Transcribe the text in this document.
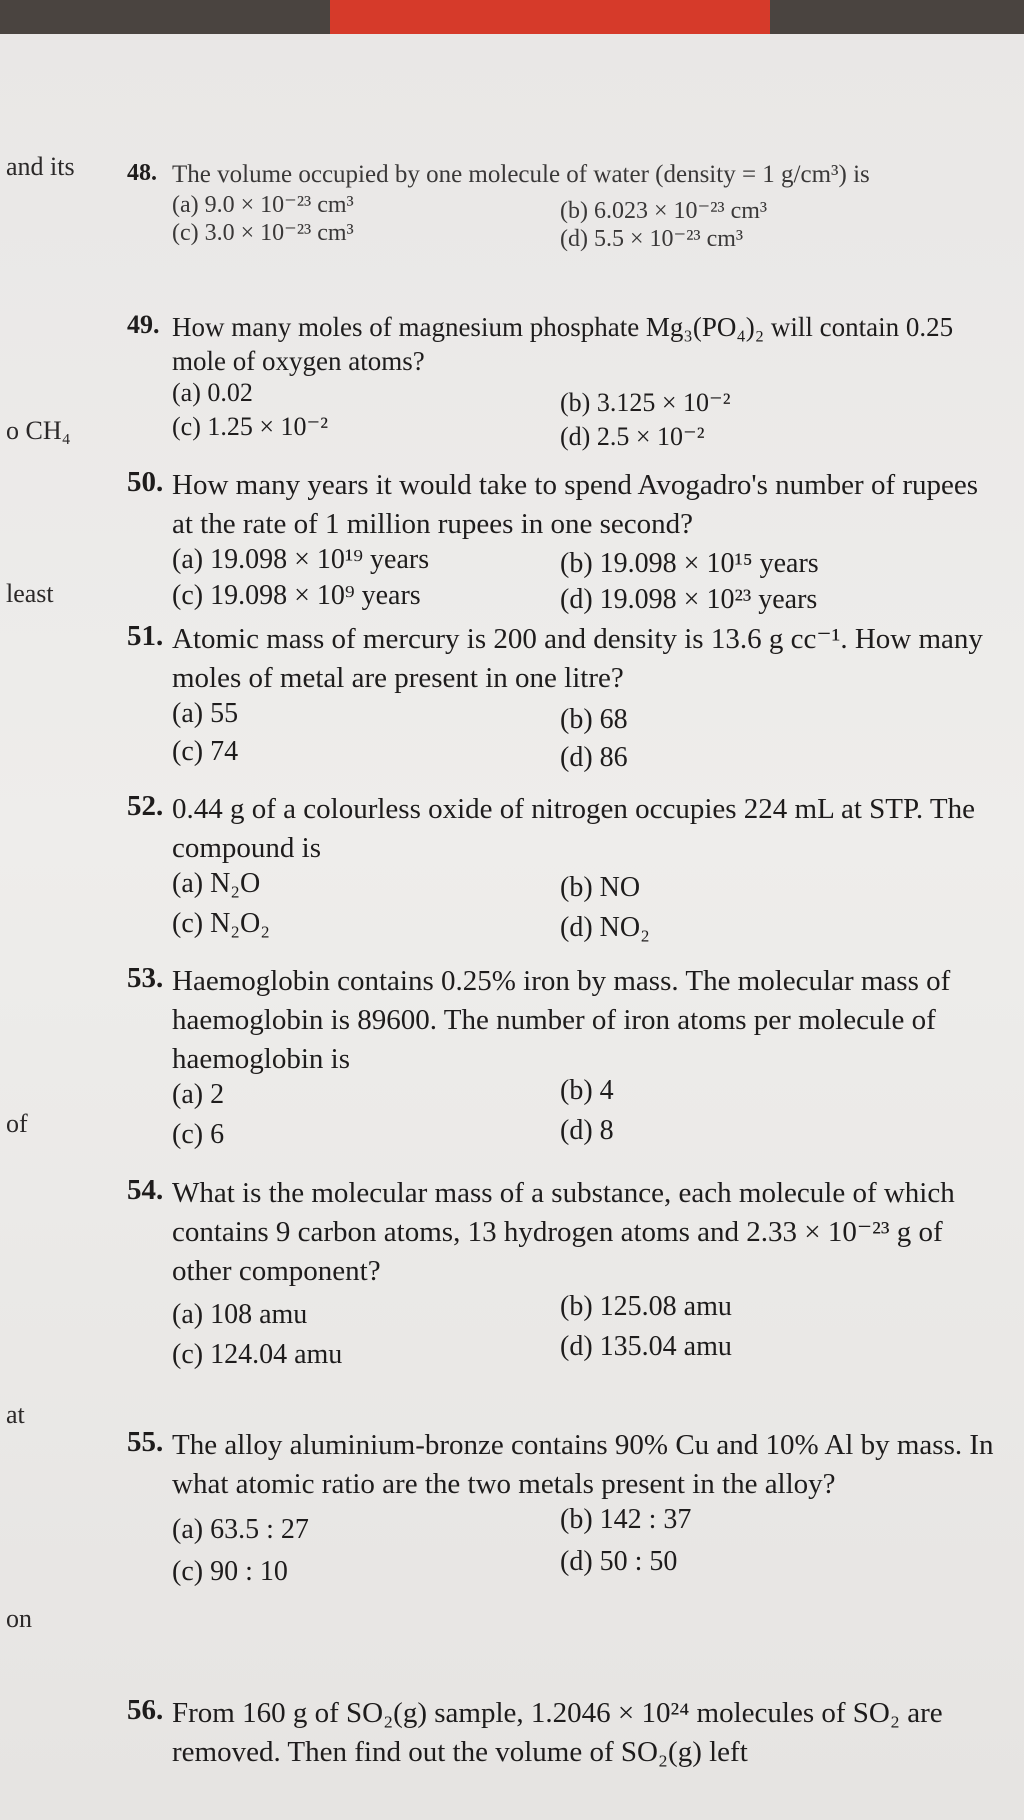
and its
o CH₄
least
of
at
on
48. The volume occupied by one molecule of water (density = 1 g/cm³) is
(a) 9.0 × 10⁻²³ cm³	(b) 6.023 × 10⁻²³ cm³
(c) 3.0 × 10⁻²³ cm³	(d) 5.5 × 10⁻²³ cm³
49. How many moles of magnesium phosphate Mg₃(PO₄)₂ will contain 0.25 mole of oxygen atoms?
(a) 0.02	(b) 3.125 × 10⁻²
(c) 1.25 × 10⁻²	(d) 2.5 × 10⁻²
50. How many years it would take to spend Avogadro's number of rupees at the rate of 1 million rupees in one second?
(a) 19.098 × 10¹⁹ years	(b) 19.098 × 10¹⁵ years
(c) 19.098 × 10⁹ years	(d) 19.098 × 10²³ years
51. Atomic mass of mercury is 200 and density is 13.6 g cc⁻¹. How many moles of metal are present in one litre?
(a) 55	(b) 68
(c) 74	(d) 86
52. 0.44 g of a colourless oxide of nitrogen occupies 224 mL at STP. The compound is
(a) N₂O	(b) NO
(c) N₂O₂	(d) NO₂
53. Haemoglobin contains 0.25% iron by mass. The molecular mass of haemoglobin is 89600. The number of iron atoms per molecule of haemoglobin is
(a) 2	(b) 4
(c) 6	(d) 8
54. What is the molecular mass of a substance, each molecule of which contains 9 carbon atoms, 13 hydrogen atoms and 2.33 × 10⁻²³ g of other component?
(a) 108 amu	(b) 125.08 amu
(c) 124.04 amu	(d) 135.04 amu
55. The alloy aluminium-bronze contains 90% Cu and 10% Al by mass. In what atomic ratio are the two metals present in the alloy?
(a) 63.5 : 27	(b) 142 : 37
(c) 90 : 10	(d) 50 : 50
56. From 160 g of SO₂(g) sample, 1.2046 × 10²⁴ molecules of SO₂ are removed. Then find out the volume of SO₂(g) left
